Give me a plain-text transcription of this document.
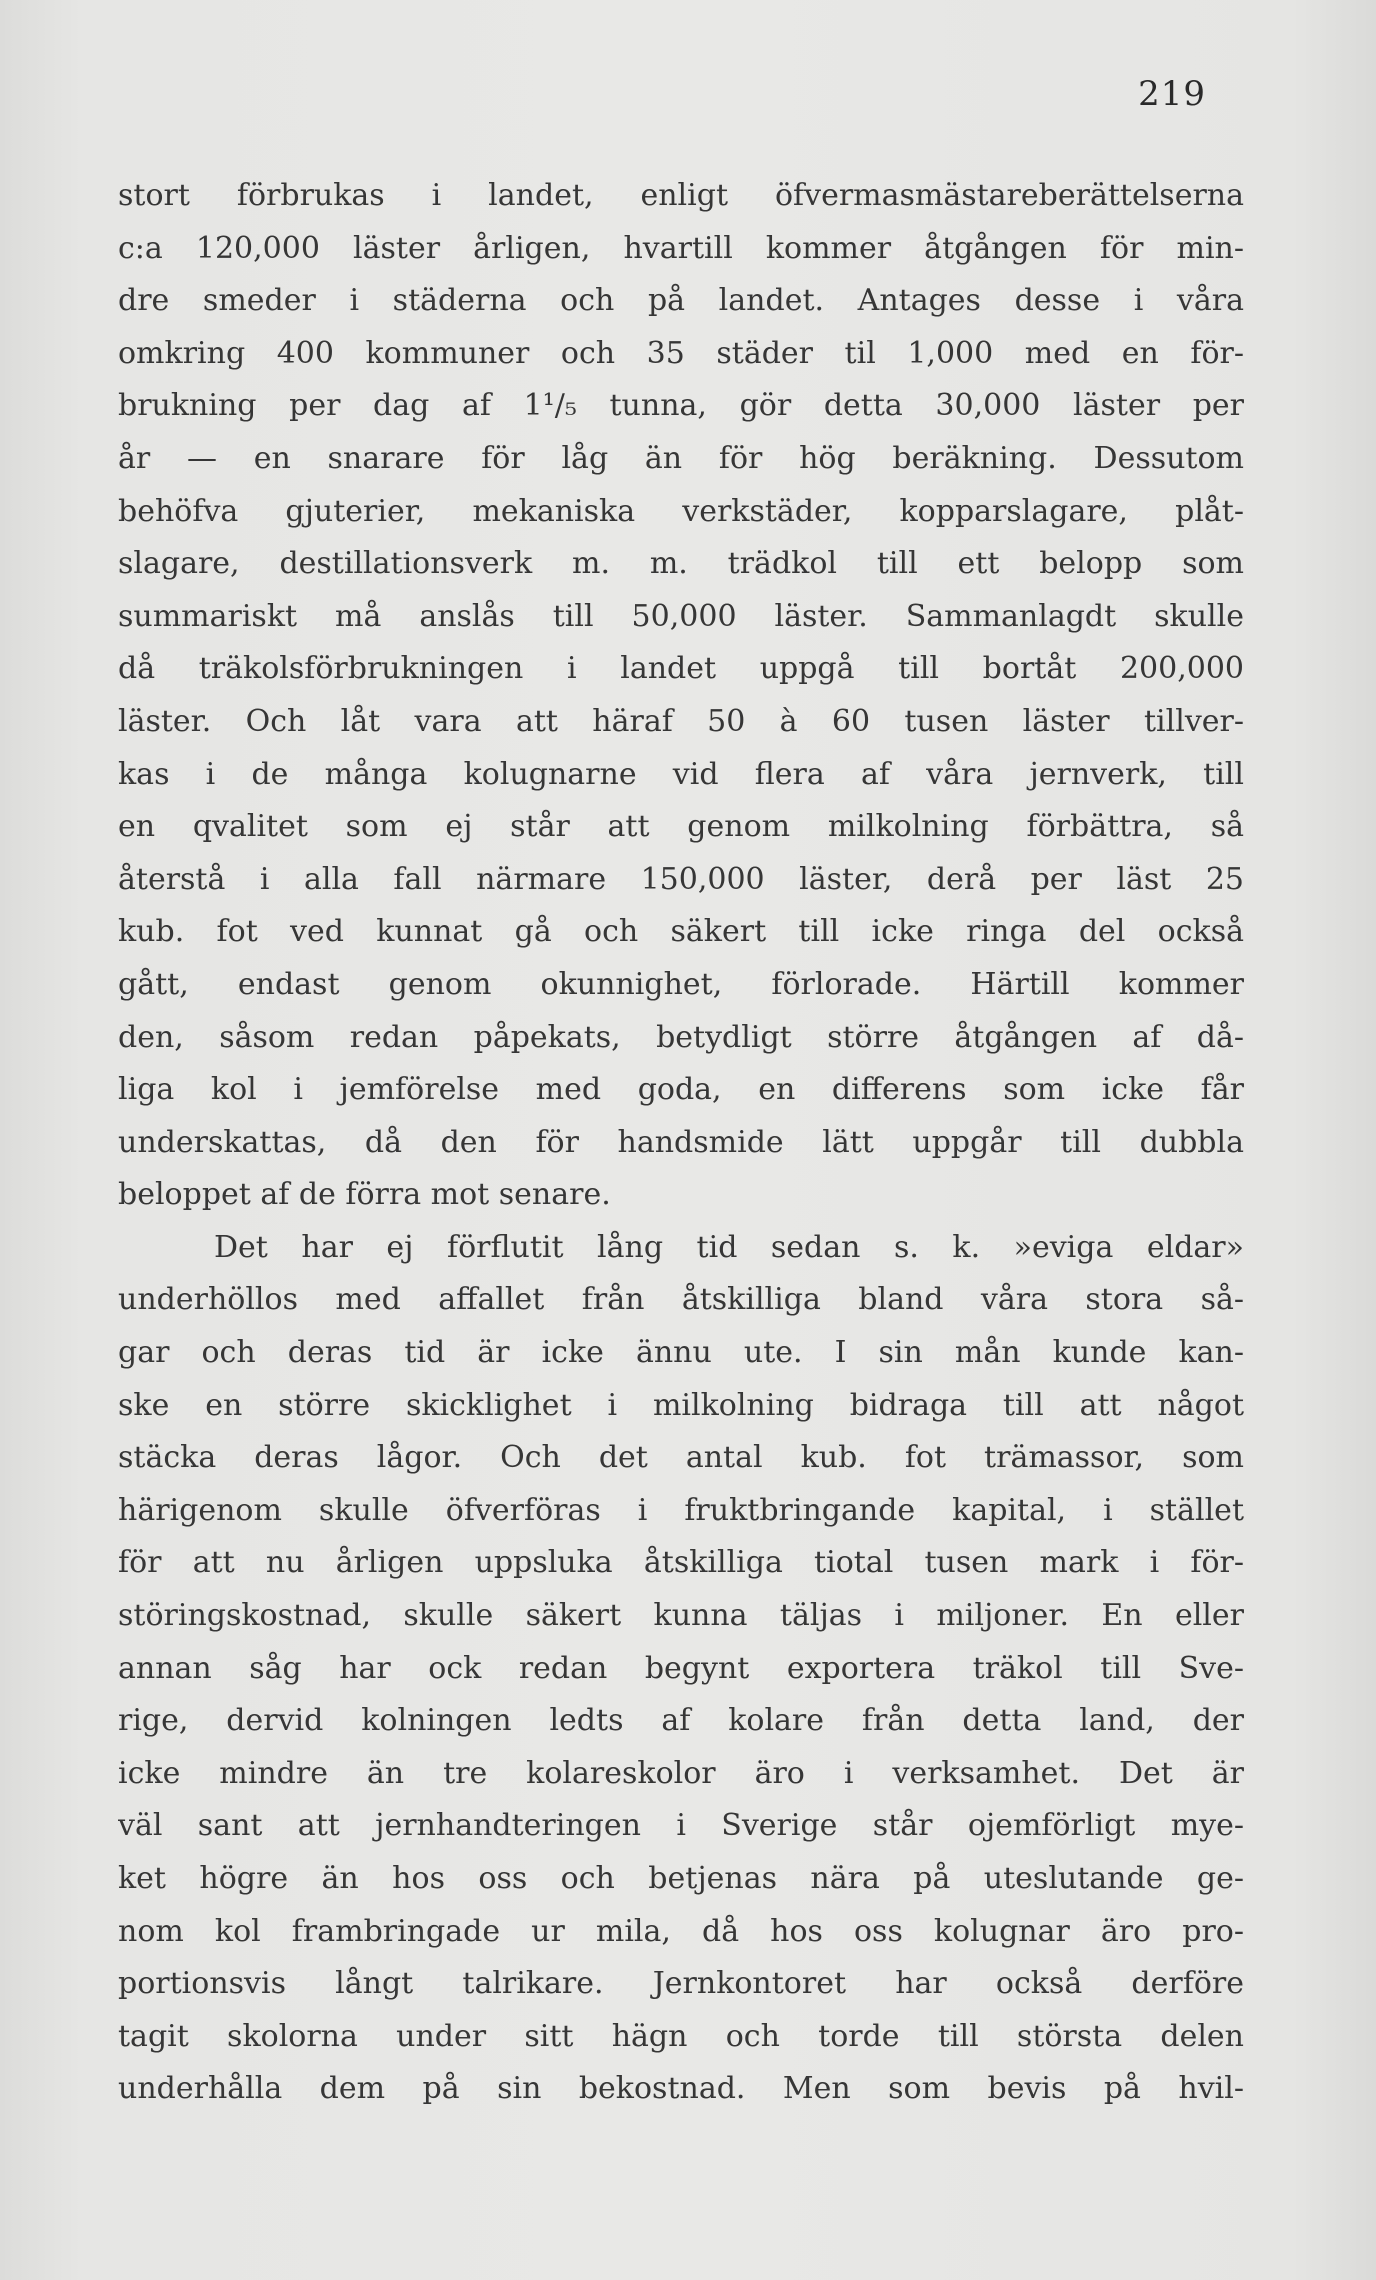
219
stort förbrukas i landet, enligt öfvermasmästareberättelserna
c:a 120,000 läster årligen, hvartill kommer åtgången för min-
dre smeder i städerna och på landet. Antages desse i våra
omkring 400 kommuner och 35 städer til 1,000 med en för-
brukning per dag af 1¹/₅ tunna, gör detta 30,000 läster per
år — en snarare för låg än för hög beräkning. Dessutom
behöfva gjuterier, mekaniska verkstäder, kopparslagare, plåt-
slagare, destillationsverk m. m. trädkol till ett belopp som
summariskt må anslås till 50,000 läster. Sammanlagdt skulle
då träkolsförbrukningen i landet uppgå till bortåt 200,000
läster. Och låt vara att häraf 50 à 60 tusen läster tillver-
kas i de många kolugnarne vid flera af våra jernverk, till
en qvalitet som ej står att genom milkolning förbättra, så
återstå i alla fall närmare 150,000 läster, derå per läst 25
kub. fot ved kunnat gå och säkert till icke ringa del också
gått, endast genom okunnighet, förlorade. Härtill kommer
den, såsom redan påpekats, betydligt större åtgången af då-
liga kol i jemförelse med goda, en differens som icke får
underskattas, då den för handsmide lätt uppgår till dubbla
beloppet af de förra mot senare.
Det har ej förflutit lång tid sedan s. k. »eviga eldar»
underhöllos med affallet från åtskilliga bland våra stora så-
gar och deras tid är icke ännu ute. I sin mån kunde kan-
ske en större skicklighet i milkolning bidraga till att något
stäcka deras lågor. Och det antal kub. fot trämassor, som
härigenom skulle öfverföras i fruktbringande kapital, i stället
för att nu årligen uppsluka åtskilliga tiotal tusen mark i för-
störingskostnad, skulle säkert kunna täljas i miljoner. En eller
annan såg har ock redan begynt exportera träkol till Sve-
rige, dervid kolningen ledts af kolare från detta land, der
icke mindre än tre kolareskolor äro i verksamhet. Det är
väl sant att jernhandteringen i Sverige står ojemförligt mye-
ket högre än hos oss och betjenas nära på uteslutande ge-
nom kol frambringade ur mila, då hos oss kolugnar äro pro-
portionsvis långt talrikare. Jernkontoret har också derföre
tagit skolorna under sitt hägn och torde till största delen
underhålla dem på sin bekostnad. Men som bevis på hvil-
